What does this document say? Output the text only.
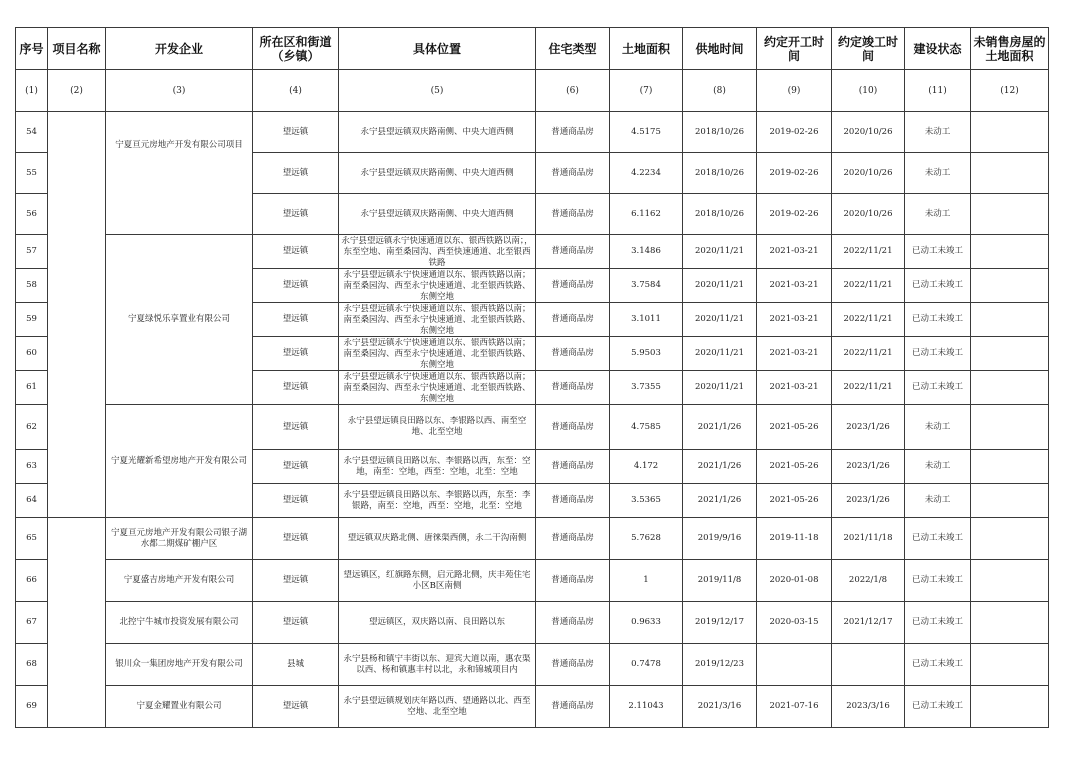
序号	项目名称	开发企业	所在区和街道（乡镇）	具体位置	住宅类型	土地面积	供地时间	约定开工时间	约定竣工时间	建设状态	未销售房屋的土地面积
(1)	(2)	(3)	(4)	(5)	(6)	(7)	(8)	(9)	(10)	(11)	(12)
54		宁夏亘元房地产开发有限公司项目	望远镇	永宁县望远镇双庆路南侧、中央大道西侧	普通商品房	4.5175	2018/10/26	2019-02-26	2020/10/26	未动工	
55			望远镇	永宁县望远镇双庆路南侧、中央大道西侧	普通商品房	4.2234	2018/10/26	2019-02-26	2020/10/26	未动工	
56			望远镇	永宁县望远镇双庆路南侧、中央大道西侧	普通商品房	6.1162	2018/10/26	2019-02-26	2020/10/26	未动工	
57		宁夏绿悦乐享置业有限公司	望远镇	永宁县望远镇永宁快速通道以东、银西铁路以南；，东至空地、南至桑园沟、西至快速通道、北至银西铁路	普通商品房	3.1486	2020/11/21	2021-03-21	2022/11/21	已动工未竣工	
58			望远镇	永宁县望远镇永宁快速通道以东、银西铁路以南；南至桑园沟、西至永宁快速通道、北至银西铁路、东侧空地	普通商品房	3.7584	2020/11/21	2021-03-21	2022/11/21	已动工未竣工	
59			望远镇	永宁县望远镇永宁快速通道以东、银西铁路以南；南至桑园沟、西至永宁快速通道、北至银西铁路、东侧空地	普通商品房	3.1011	2020/11/21	2021-03-21	2022/11/21	已动工未竣工	
60			望远镇	永宁县望远镇永宁快速通道以东、银西铁路以南；南至桑园沟、西至永宁快速通道、北至银西铁路、东侧空地	普通商品房	5.9503	2020/11/21	2021-03-21	2022/11/21	已动工未竣工	
61			望远镇	永宁县望远镇永宁快速通道以东、银西铁路以南；南至桑园沟、西至永宁快速通道、北至银西铁路、东侧空地	普通商品房	3.7355	2020/11/21	2021-03-21	2022/11/21	已动工未竣工	
62		宁夏光耀新希望房地产开发有限公司	望远镇	永宁县望远镇良田路以东、李银路以西、南至空地、北至空地	普通商品房	4.7585	2021/1/26	2021-05-26	2023/1/26	未动工	
63			望远镇	永宁县望远镇良田路以东、李银路以西，东至：空地，南至：空地，西至：空地，北至：空地	普通商品房	4.172	2021/1/26	2021-05-26	2023/1/26	未动工	
64			望远镇	永宁县望远镇良田路以东、李银路以西，东至：李银路，南至：空地，西至：空地，北至：空地	普通商品房	3.5365	2021/1/26	2021-05-26	2023/1/26	未动工	
65		宁夏亘元房地产开发有限公司银子湖水都二期煤矿棚户区	望远镇	望远镇双庆路北侧、唐徕渠西侧，永二干沟南侧	普通商品房	5.7628	2019/9/16	2019-11-18	2021/11/18	已动工未竣工	
66		宁夏盛吉房地产开发有限公司	望远镇	望远镇区，红旗路东侧，启元路北侧，庆丰苑住宅小区B区南侧	普通商品房	1	2019/11/8	2020-01-08	2022/1/8	已动工未竣工	
67		北控宁牛城市投资发展有限公司	望远镇	望远镇区，双庆路以南、良田路以东	普通商品房	0.9633	2019/12/17	2020-03-15	2021/12/17	已动工未竣工	
68		银川众一集团房地产开发有限公司	县城	永宁县杨和镇宁丰街以东、迎宾大道以南，惠农渠以西、杨和镇惠丰村以北，永和锦城项目内	普通商品房	0.7478	2019/12/23			已动工未竣工	
69		宁夏金耀置业有限公司	望远镇	永宁县望远镇规划庆年路以西、望通路以北、西至空地、北至空地	普通商品房	2.11043	2021/3/16	2021-07-16	2023/3/16	已动工未竣工	
